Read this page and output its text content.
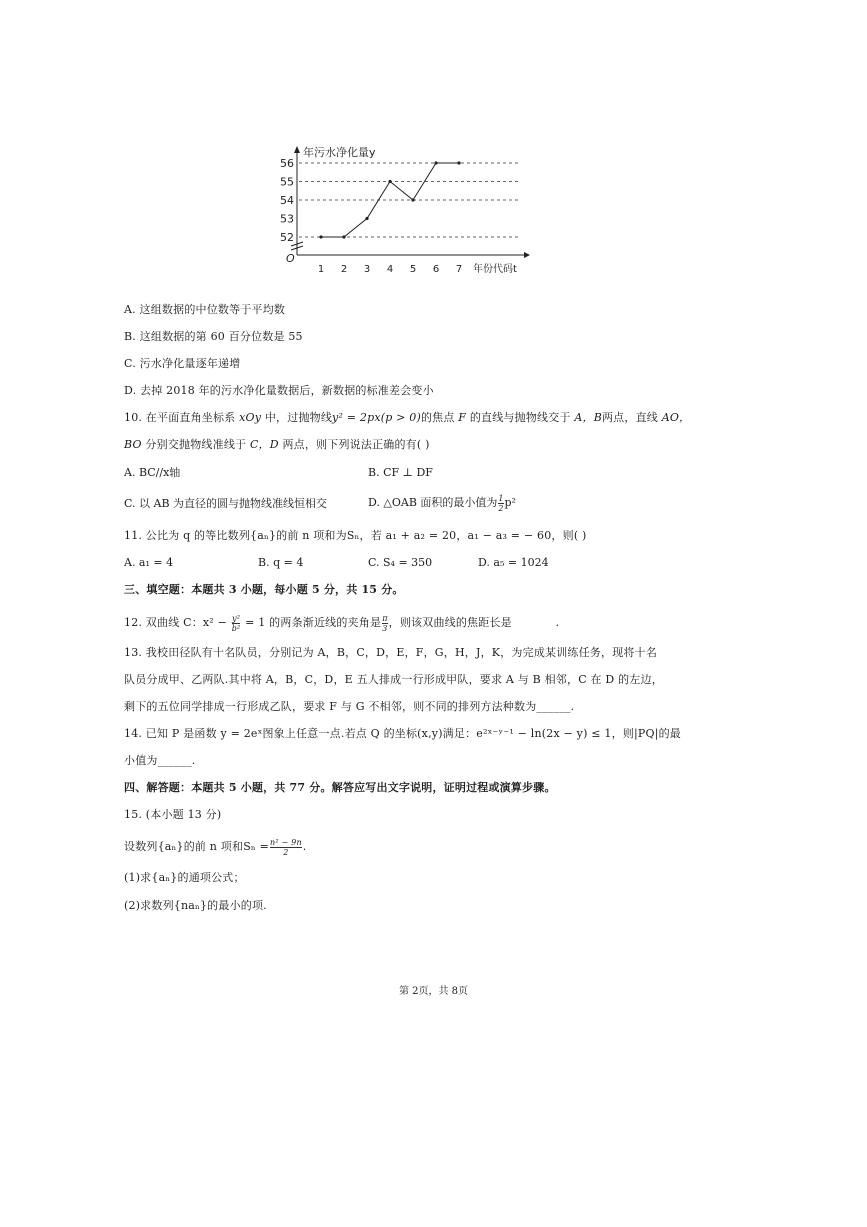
52
53
54
55
56
1 2 3 4 5 6 7
O
年污水净化量y
年份代码t
A. 这组数据的中位数等于平均数
B. 这组数据的第 60 百分位数是 55
C. 污水净化量逐年递增
D. 去掉 2018 年的污水净化量数据后，新数据的标准差会变小
10. 在平面直角坐标系 xOy 中，过抛物线y² = 2px(p > 0)的焦点 F 的直线与抛物线交于 A，B两点，直线 AO，
BO 分别交抛物线准线于 C，D 两点，则下列说法正确的有( )
A. BC//x轴	B. CF ⊥ DF
C. 以 AB 为直径的圆与抛物线准线恒相交	D. △OAB 面积的最小值为 $\frac{1}{2} p^2$
11. 公比为 q 的等比数列{aₙ}的前 n 项和为Sₙ，若 a₁ + a₂ = 20，a₁ − a₃ = − 60，则( )
A. a₁ = 4	B. q = 4	C. S₄ = 350	D. a₅ = 1024
三、填空题：本题共 3 小题，每小题 5 分，共 15 分。
12. 双曲线 C：$x^2 - \frac{\text{y²}}{\text{b²}} = 1$ 的两条渐近线的夹角是 $\frac{\pi}{3}$ ，则该双曲线的焦距长是	.
13. 我校田径队有十名队员，分别记为 A，B，C，D，E，F，G，H，J，K，为完成某训练任务，现将十名
队员分成甲、乙两队.其中将 A，B，C，D，E 五人排成一行形成甲队，要求 A 与 B 相邻，C 在 D 的左边，
剩下的五位同学排成一行形成乙队，要求 F 与 G 不相邻，则不同的排列方法种数为______.
14. 已知 P 是函数 y = 2eˣ图象上任意一点.若点 Q 的坐标(x,y)满足：e²ˣ⁻ʸ⁻¹ − ln(2x − y) ≤ 1，则|PQ|的最
小值为______.
四、解答题：本题共 5 小题，共 77 分。解答应写出文字说明，证明过程或演算步骤。
15. (本小题 13 分)
设数列{aₙ}的前 n 项和$S_n = \frac{\text{n² − 9n}}{2}$ .
(1)求{aₙ}的通项公式；
(2)求数列{naₙ}的最小的项.
第 2页，共 8页
